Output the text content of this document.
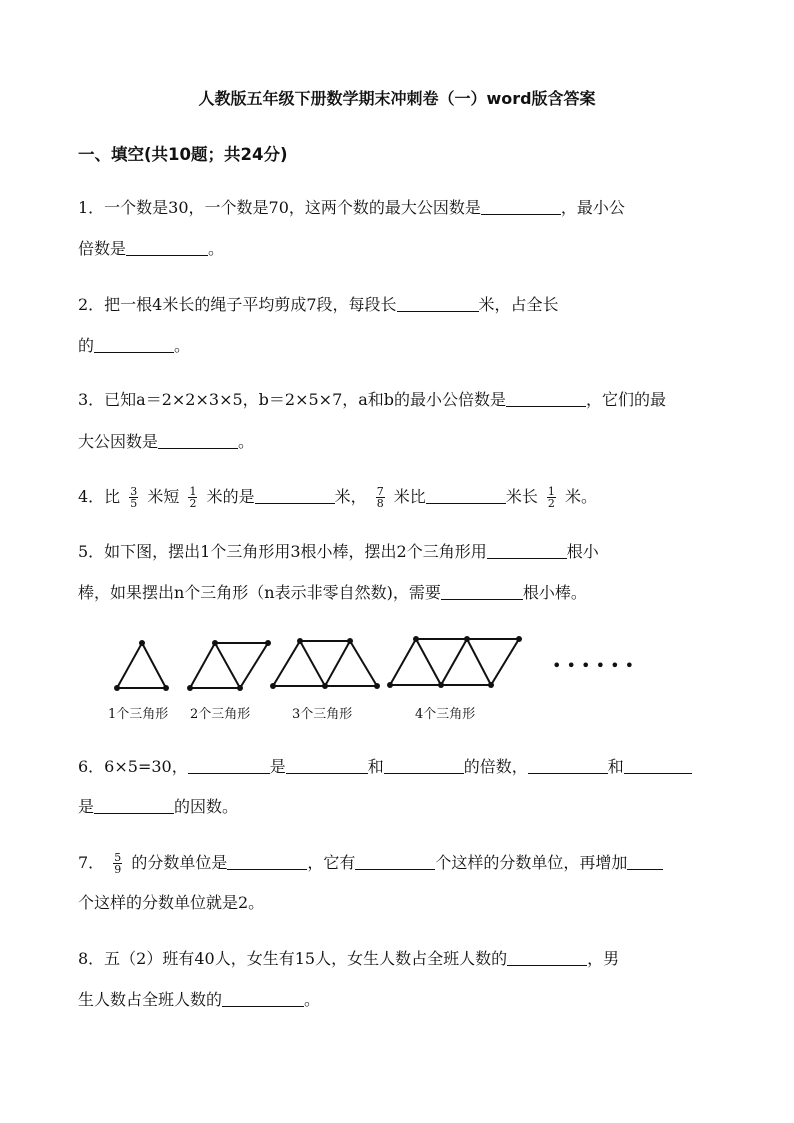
人教版五年级下册数学期末冲刺卷（一）word版含答案
一、填空(共10题；共24分)
1．一个数是30，一个数是70，这两个数的最大公因数是	，最小公
倍数是	。
2．把一根4米长的绳子平均剪成7段，每段长	米，占全长
的	。
3．已知a＝2×2×3×5，b＝2×5×7，a和b的最小公倍数是	，它们的最
大公因数是	。
4．比 $\frac{3}{5}$ 米短 $\frac{1}{2}$ 米的是	米， $\frac{7}{8}$ 米比	米长 $\frac{1}{2}$ 米。
5．如下图，摆出1个三角形用3根小棒，摆出2个三角形用	根小
棒，如果摆出n个三角形（n表示非零自然数)，需要	根小棒。
• • • • • •
1个三角形 2个三角形	3个三角形	4个三角形
6．6×5=30，	是	和	的倍数，	和
是	的因数。
7． $\frac{5}{9}$ 的分数单位是	，它有	个这样的分数单位，再增加
个这样的分数单位就是2。
8．五（2）班有40人，女生有15人，女生人数占全班人数的	，男
生人数占全班人数的	。
